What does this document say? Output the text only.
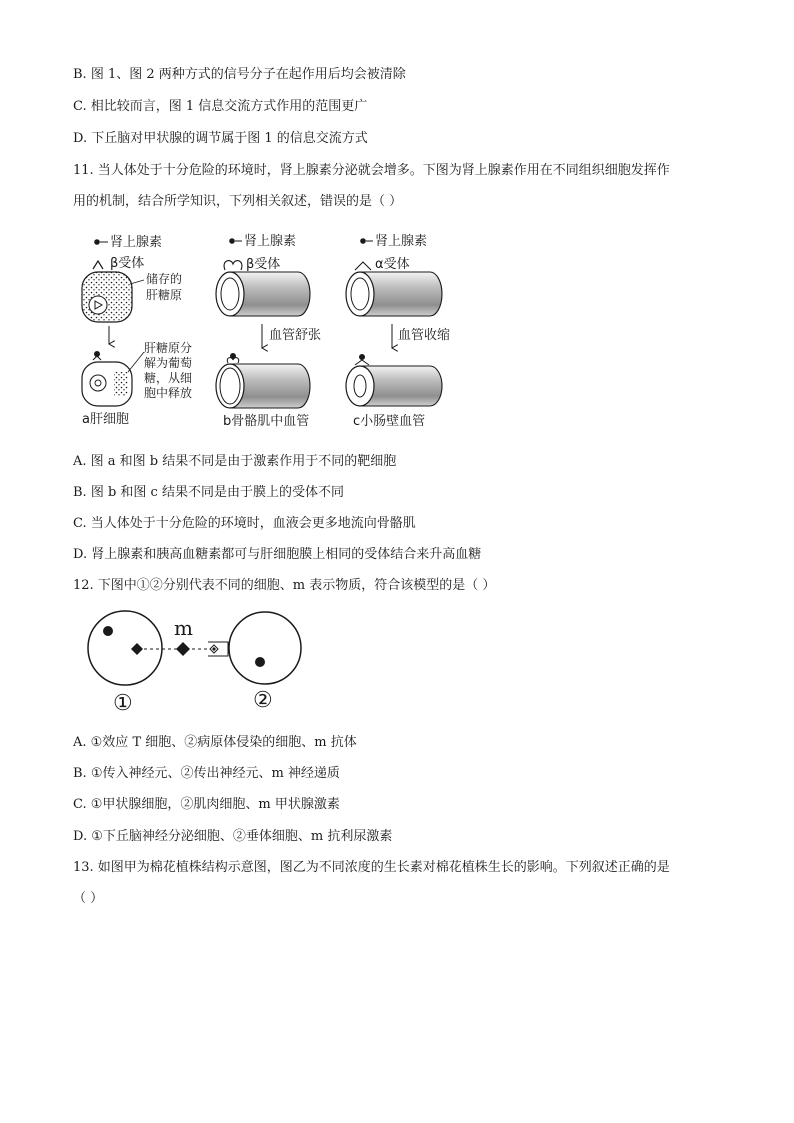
B. 图 1、图 2 两种方式的信号分子在起作用后均会被清除
C. 相比较而言，图 1 信息交流方式作用的范围更广
D. 下丘脑对甲状腺的调节属于图 1 的信息交流方式
11. 当人体处于十分危险的环境时，肾上腺素分泌就会增多。下图为肾上腺素作用在不同组织细胞发挥作
用的机制，结合所学知识，下列相关叙述，错误的是（ ）
肾上腺素
β受体
储存的
肝糖原
肝糖原分
解为葡萄
糖，从细
胞中释放
a肝细胞
肾上腺素
β受体
血管舒张
b骨骼肌中血管
肾上腺素
α受体
血管收缩
c小肠壁血管
A. 图 a 和图 b 结果不同是由于激素作用于不同的靶细胞
B. 图 b 和图 c 结果不同是由于膜上的受体不同
C. 当人体处于十分危险的环境时，血液会更多地流向骨骼肌
D. 肾上腺素和胰高血糖素都可与肝细胞膜上相同的受体结合来升高血糖
12. 下图中①②分别代表不同的细胞、m 表示物质，符合该模型的是（ ）
m
①	②
A. ①效应 T 细胞、②病原体侵染的细胞、m 抗体
B. ①传入神经元、②传出神经元、m 神经递质
C. ①甲状腺细胞，②肌肉细胞、m 甲状腺激素
D. ①下丘脑神经分泌细胞、②垂体细胞、m 抗利尿激素
13. 如图甲为棉花植株结构示意图，图乙为不同浓度的生长素对棉花植株生长的影响。下列叙述正确的是
（ ）
